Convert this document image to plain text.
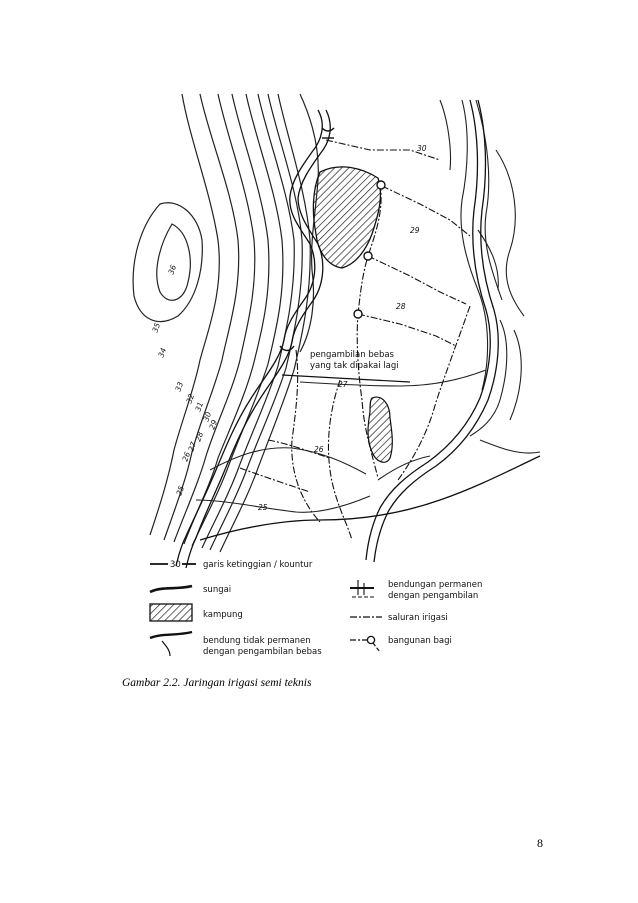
30
29
28
27
26
25
36
35
34
33
32
31
30
29
28
27
26
25
pengambilan bebas
yang tak dipakai lagi
30	garis ketinggian / kountur
sungai
kampung
bendung tidak permanen
dengan pengambilan bebas
bendungan permanen
dengan pengambilan
saluran irigasi
bangunan bagi
Gambar 2.2. Jaringan irigasi semi teknis
8
